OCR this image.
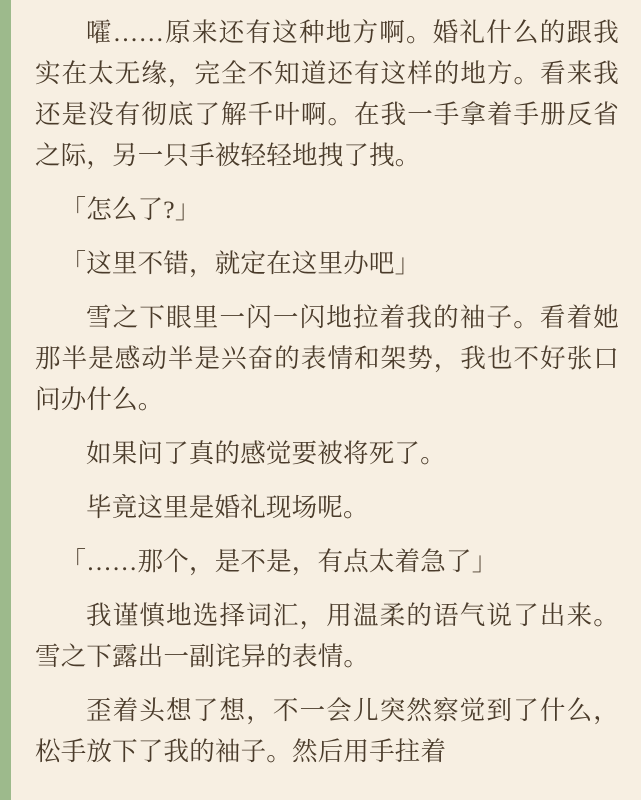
嚯……原来还有这种地方啊。婚礼什么的跟我实在太无缘，完全不知道还有这样的地方。看来我还是没有彻底了解千叶啊。在我一手拿着手册反省之际，另一只手被轻轻地拽了拽。

「怎么了?」

「这里不错，就定在这里办吧」

雪之下眼里一闪一闪地拉着我的袖子。看着她那半是感动半是兴奋的表情和架势，我也不好张口问办什么。

如果问了真的感觉要被将死了。

毕竟这里是婚礼现场呢。

「……那个，是不是，有点太着急了」

我谨慎地选择词汇，用温柔的语气说了出来。雪之下露出一副诧异的表情。

歪着头想了想，不一会儿突然察觉到了什么，松手放下了我的袖子。然后用手拄着
